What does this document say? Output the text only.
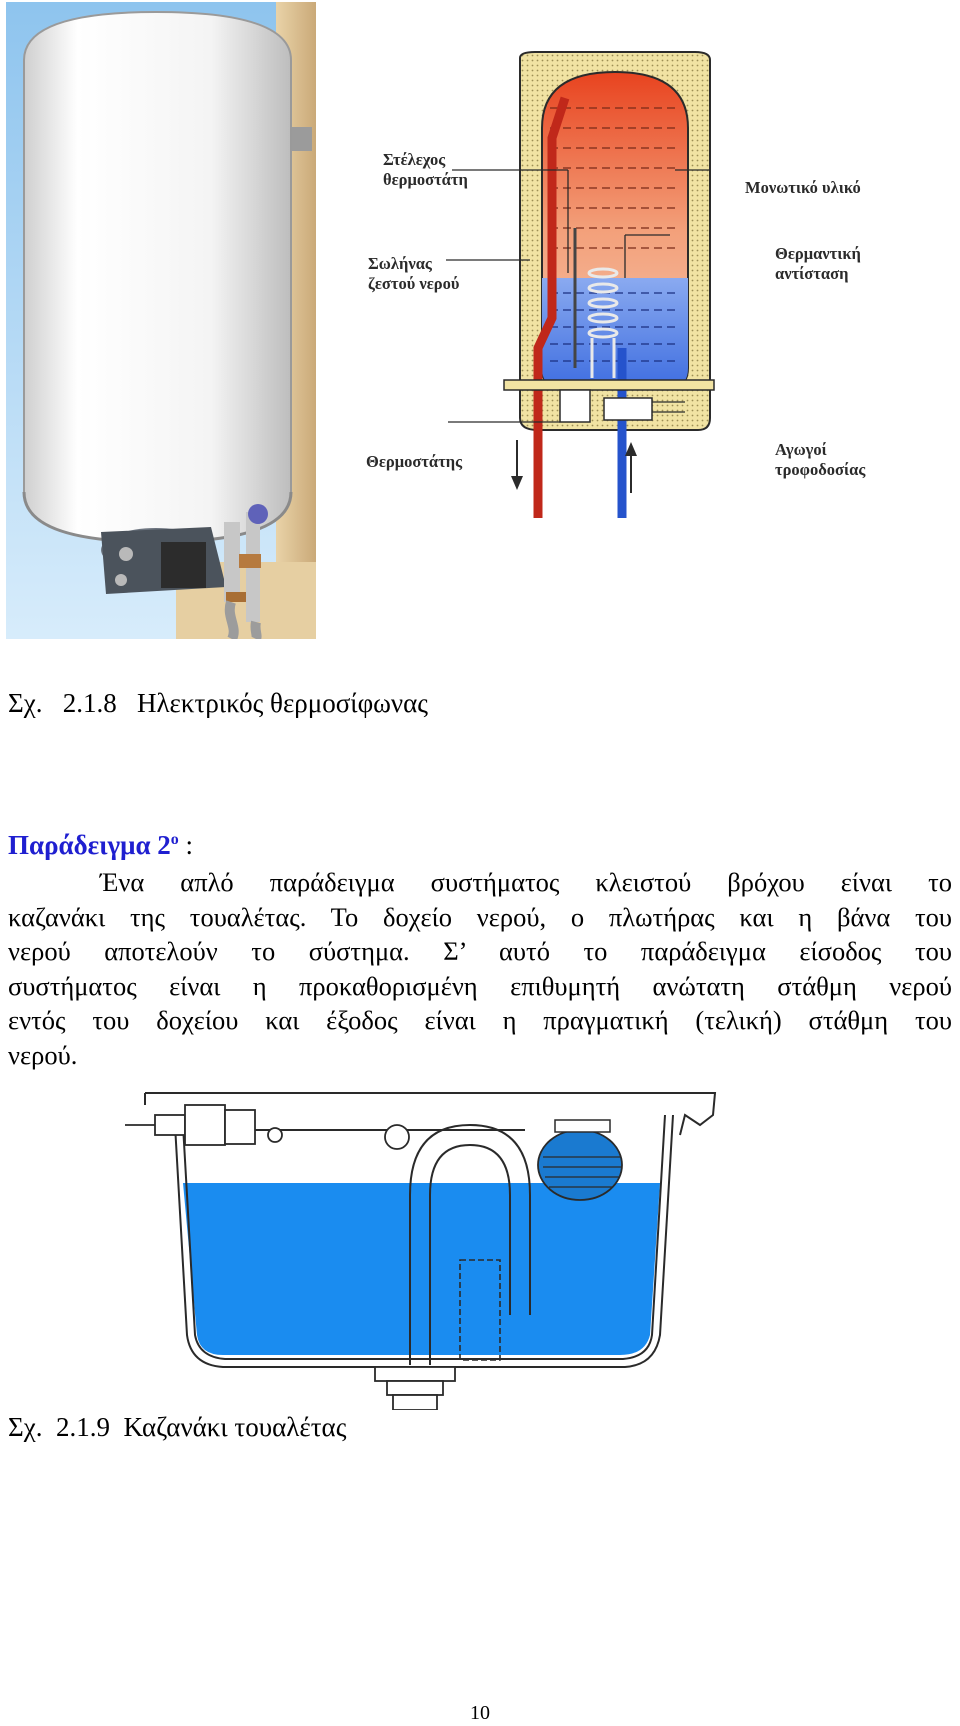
Στέλεχος
θερμοστάτη
Σωλήνας
ζεστού νερού
Θερμοστάτης
Μονωτικό υλικό
Θερμαντική
αντίσταση
Αγωγοί
τροφοδοσίας
Σχ.   2.1.8   Ηλεκτρικός θερμοσίφωνας
Παράδειγμα $2^o$ :
Ένα απλό παράδειγμα συστήματος κλειστού βρόχου είναι το
καζανάκι της τουαλέτας. Το δοχείο νερού, ο πλωτήρας και η βάνα του
νερού αποτελούν το σύστημα. Σ’ αυτό το παράδειγμα είσοδος του
συστήματος είναι η προκαθορισμένη επιθυμητή ανώτατη στάθμη νερού
εντός του δοχείου και έξοδος είναι η πραγματική (τελική) στάθμη του
νερού.
Σχ.  2.1.9  Καζανάκι τουαλέτας
10
